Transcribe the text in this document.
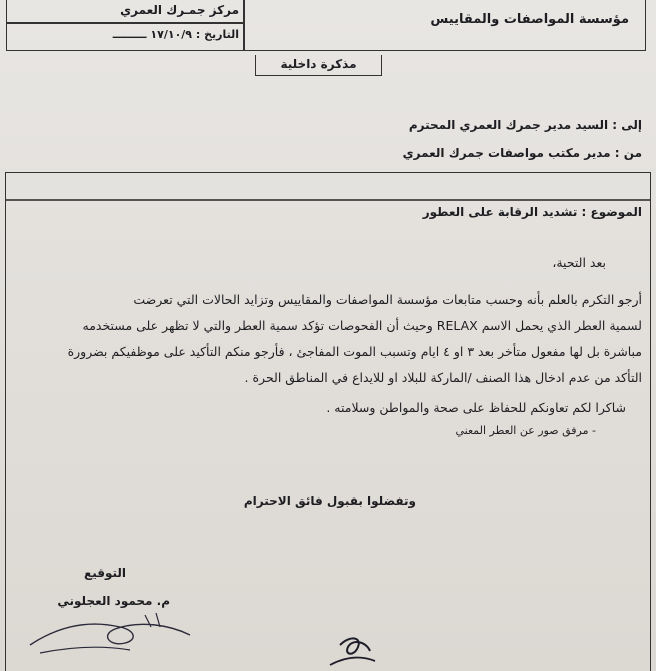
مؤسسة المواصفات والمقاييس
مركز جمـرك العمري
التاريخ : ١٧/١٠/٩ ـــــــــ
مذكرة داخلية
إلى : السيد مدير جمرك العمري المحترم
من : مدير مكتب مواصفات جمرك العمري
الموضوع : تشديد الرقابة على العطور
بعد التحية،
أرجو التكرم بالعلم بأنه وحسب متابعات مؤسسة المواصفات والمقاييس وتزايد الحالات التي تعرضت
لسمية العطر الذي يحمل الاسم RELAX وحيث أن الفحوصات تؤكد سمية العطر والتي لا تظهر على مستخدمه
مباشرة بل لها مفعول متأخر بعد ٣ او ٤ ايام وتسبب الموت المفاجئ ، فأرجو منكم التأكيد على موظفيكم بضرورة
التأكد من عدم ادخال هذا الصنف /الماركة للبلاد او للايداع في المناطق الحرة .
شاكرا لكم تعاونكم للحفاظ على صحة والمواطن وسلامته .
- مرفق صور عن العطر المعني
وتفضلوا بقبول فائق الاحترام
التوقيع
م. محمود العجلوني
